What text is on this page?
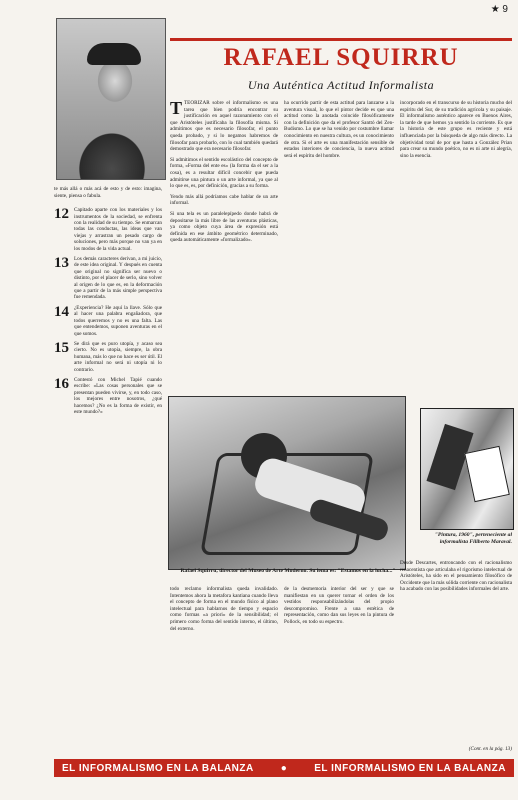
★ 9
RAFAEL SQUIRRU
Una Auténtica Actitud Informalista

te más allá o más acá de esto y de esto: imagina, siente, piensa o fabula.

12 Capitado aparte con los materiales y los instrumentos de la sociedad, se enfrenta con la realidad de su tiempo. Se enmarcan todas las conductas, las ideas que van viejas y arrastran un pesado cargo de soluciones, pero más porque no van ya en los modos de la vida actual.
13 Los demás caracteres derivan, a mi juicio, de este idea original. Y después en cuenta que original no significa ser nuevo o distinto, por el placer de serlo, sino volver al origen de lo que es, en la deformación que a partir de la más simple perspectiva fue remendada.
14 ¿Experiencia? He aquí la llave. Sólo que al hacer una palabra engañadora, que todos querremos y no es una falta. Las que entendemos, suponen aventuras en el que somos.
15 Se dirá que es puro utopía, y acaso sea cierto. No es utopía, siempre, la obra humana, más lo que no hace es ser útil. El arte informal no será ni utopía ni lo contrario.
16 Contestó con Michel Tapié cuando escribe: «Las cosas personales que se presentan pueden vivirse, y, en todo caso, los mejores entre nosotros, ¿qué hacemos? ¿No es la forma de existir, en este mundo?»

TTEORIZAR sobre el informalismo es una tarea que bien podría encontrar su justificación en aquel razonamiento con el que Aristóteles justificaba la filosofía misma. Si admitimos que es necesario filosofar, el punto queda probado, y si lo negamos habremos de filosofar para probarlo, con lo cual también quedará demostrado que era necesario filosofar.

Si admitimos el sentido escolástico del concepto de forma, «Forma del ente es» (la forma da el ser a la cosa), es a resultar difícil concebir que pueda admitirse una pintura o un arte informal, ya que al lo que es, es, por definición, gracias a su forma.

Yendo más allá podríamos cabe hablar de un arte informal.

Si una tela es un paralelepípedo donde habrá de depositarse la más libre de las aventuras plásticas, ya como objeto cuya área de expresión está definida en ese ámbito geométrico determinado, queda automáticamente «formalizado».

ha ocurrido partir de esta actitud para lanzarse a la aventura visual, lo que el pintor decide es que una actitud como la anotada coincide filosóficamente con la definición que da el profesor Santtó del Zen-Budismo. Lo que se ha venido por costumbre llamar conocimiento en nuestra cultura, es un conocimiento de otra. Si el arte es una manifestación sensible de estados interiores de conciencia, la nueva actitud será el espíritu del hombre.

incorporado en el transcurso de su historia mucho del espíritu del Sur, de su tradición agrícola y su paisaje. El informalismo auténtico aparece en Buenos Aires, la tarde de que hemos ya sentido la corriente. Es que la historia de este grupo es reciente y está influenciada por la búsqueda de algo más directo. La objetividad total de por que hasta a González Prian para crear su mundo poético, no es ni arte ni alegría, sino la esencia.

Rafael Squirru, director del Museo de Arte Moderno. Su lema es: "Estamos en la lucha..."
"Pintura, 1960", perteneciente al informalista Filiberto Maraval.

todo reclamo informalista queda invalidado. Intentemos ahora la metafora kantiana cuando lleva el concepto de forma en el mundo físico al plano intelectual para hablarnos de tiempo y espacio como formas «a priori» de la sensibilidad; el primero como forma del sentido interno, el último, del externo.

de la desmemoria interior del ser y que se manifiestan en un querer tornar el orden de los vestidos responsabilizándolas del propio descompromiso. Frente a una estética de representación, como dan sus leyes en la pintura de Pollock, en todo su espectro.

Desde Descartes, entroncando con el racionalismo renacentista que articulaba el rigorismo intelectual de Aristóteles, ha sido en el pensamiento filosófico de Occidente que la más sólida corriente con racionalista ha acabado con las posibilidades informales del arte.

(Cont. en la pág. 13)
EL INFORMALISMO EN LA BALANZA	●	EL INFORMALISMO EN LA BALANZA
